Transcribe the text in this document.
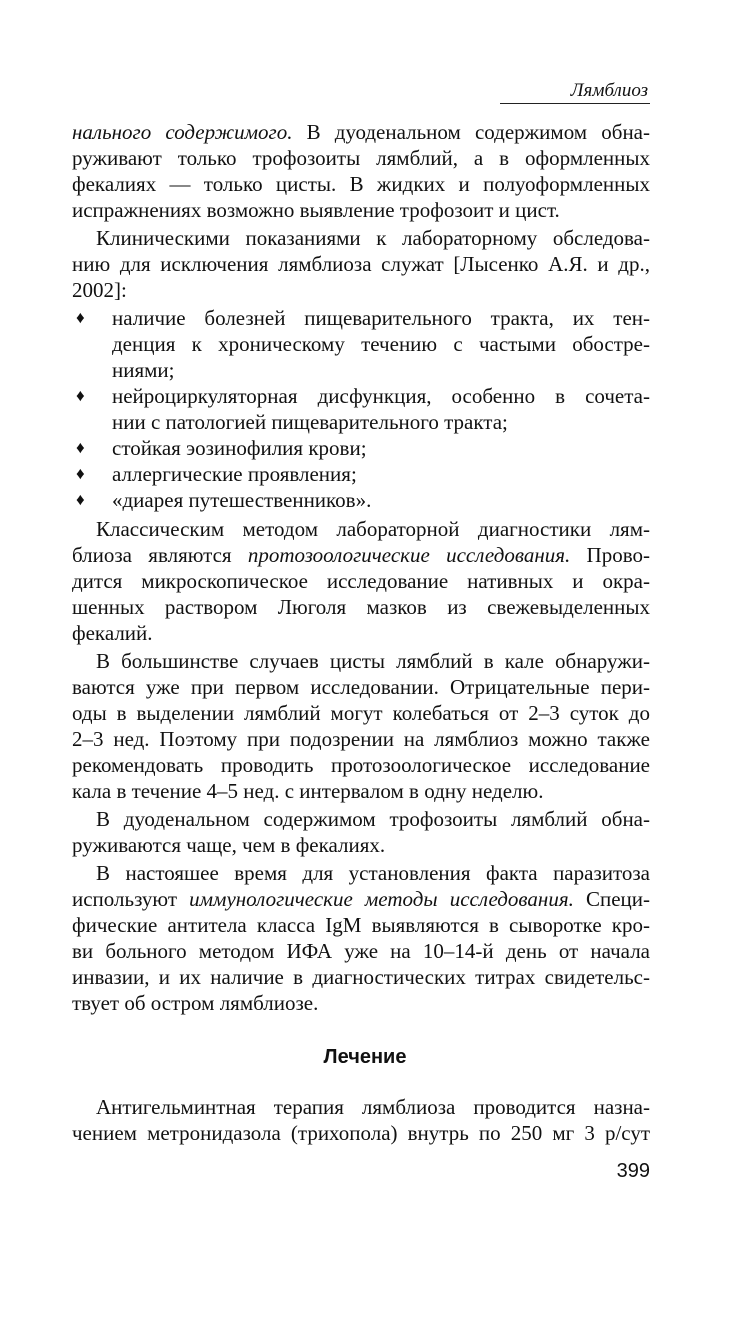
Лямблиоз
нального содержимого. В дуоденальном содержимом обна-
руживают только трофозоиты лямблий, а в оформленных
фекалиях — только цисты. В жидких и полуоформленных
испражнениях возможно выявление трофозоит и цист.
Клиническими показаниями к лабораторному обследова-
нию для исключения лямблиоза служат [Лысенко А.Я. и др.,
2002]:
♦ наличие болезней пищеварительного тракта, их тен-
денция к хроническому течению с частыми обостре-
ниями;
♦ нейроциркуляторная дисфункция, особенно в сочета-
нии с патологией пищеварительного тракта;
♦ стойкая эозинофилия крови;
♦ аллергические проявления;
♦ «диарея путешественников».
Классическим методом лабораторной диагностики лям-
блиоза являются протозоологические исследования. Прово-
дится микроскопическое исследование нативных и окра-
шенных раствором Люголя мазков из свежевыделенных
фекалий.
В большинстве случаев цисты лямблий в кале обнаружи-
ваются уже при первом исследовании. Отрицательные пери-
оды в выделении лямблий могут колебаться от 2–3 суток до
2–3 нед. Поэтому при подозрении на лямблиоз можно также
рекомендовать проводить протозоологическое исследование
кала в течение 4–5 нед. с интервалом в одну неделю.
В дуоденальном содержимом трофозоиты лямблий обна-
руживаются чаще, чем в фекалиях.
В настояшее время для установления факта паразитоза
используют иммунологические методы исследования. Специ-
фические антитела класса IgM выявляются в сыворотке кро-
ви больного методом ИФА уже на 10–14-й день от начала
инвазии, и их наличие в диагностических титрах свидетельс-
твует об остром лямблиозе.
Лечение
Антигельминтная терапия лямблиоза проводится назна-
чением метронидазола (трихопола) внутрь по 250 мг 3 р/сут
399
